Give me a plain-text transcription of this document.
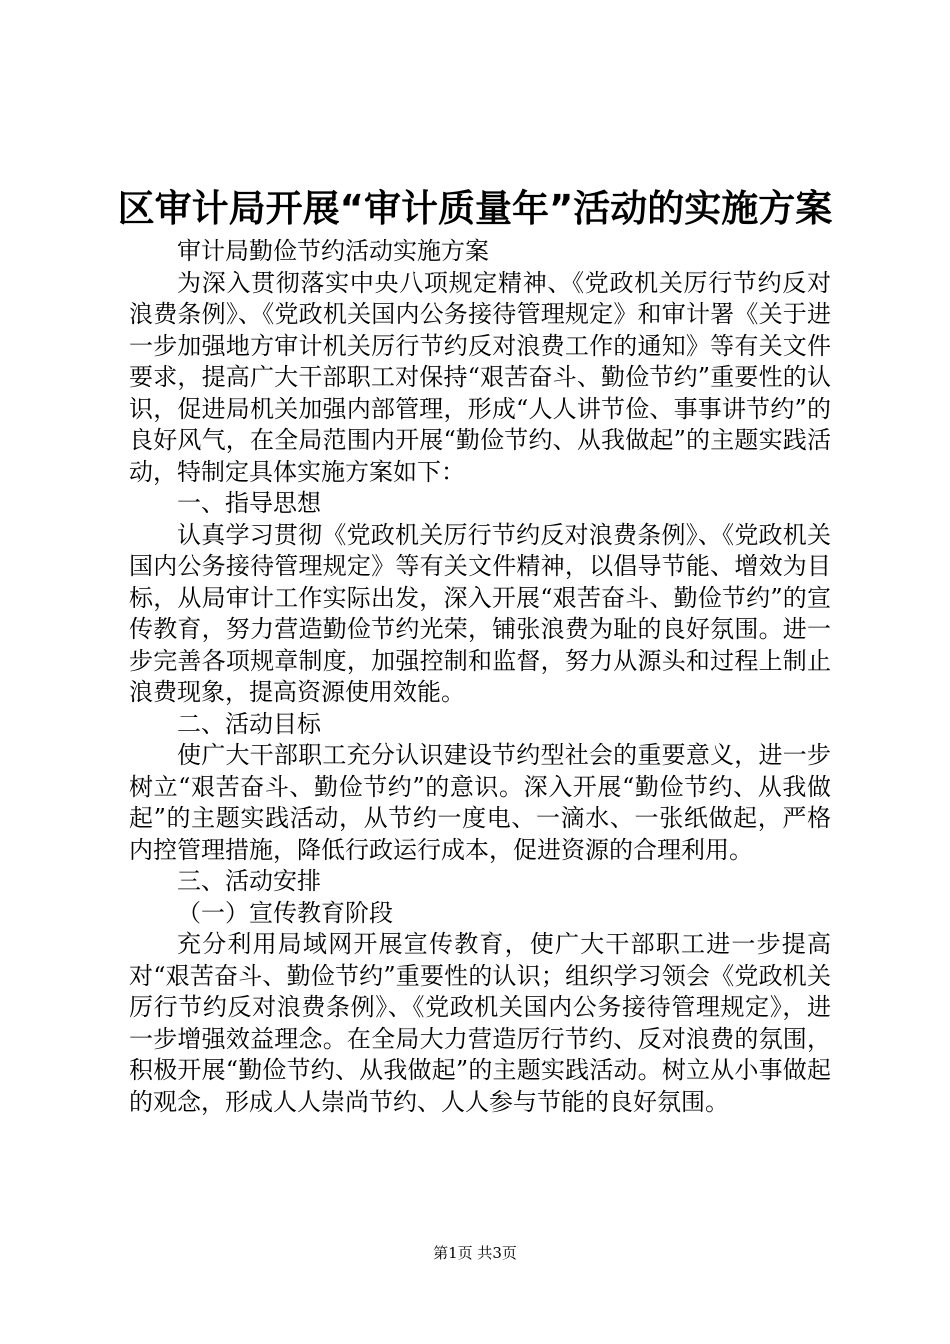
区审计局开展“审计质量年”活动的实施方案

审计局勤俭节约活动实施方案

为深入贯彻落实中央八项规定精神、《党政机关厉行节约反对浪费条例》、《党政机关国内公务接待管理规定》和审计署《关于进一步加强地方审计机关厉行节约反对浪费工作的通知》等有关文件要求，提高广大干部职工对保持“艰苦奋斗、勤俭节约”重要性的认识，促进局机关加强内部管理，形成“人人讲节俭、事事讲节约”的良好风气，在全局范围内开展“勤俭节约、从我做起”的主题实践活动，特制定具体实施方案如下：

一、指导思想

认真学习贯彻《党政机关厉行节约反对浪费条例》、《党政机关国内公务接待管理规定》等有关文件精神，以倡导节能、增效为目标，从局审计工作实际出发，深入开展“艰苦奋斗、勤俭节约”的宣传教育，努力营造勤俭节约光荣，铺张浪费为耻的良好氛围。进一步完善各项规章制度，加强控制和监督，努力从源头和过程上制止浪费现象，提高资源使用效能。

二、活动目标

使广大干部职工充分认识建设节约型社会的重要意义，进一步树立“艰苦奋斗、勤俭节约”的意识。深入开展“勤俭节约、从我做起”的主题实践活动，从节约一度电、一滴水、一张纸做起，严格内控管理措施，降低行政运行成本，促进资源的合理利用。

三、活动安排

（一）宣传教育阶段

充分利用局域网开展宣传教育，使广大干部职工进一步提高对“艰苦奋斗、勤俭节约”重要性的认识；组织学习领会《党政机关厉行节约反对浪费条例》、《党政机关国内公务接待管理规定》，进一步增强效益理念。在全局大力营造厉行节约、反对浪费的氛围，积极开展“勤俭节约、从我做起”的主题实践活动。树立从小事做起的观念，形成人人崇尚节约、人人参与节能的良好氛围。

第1页 共3页
